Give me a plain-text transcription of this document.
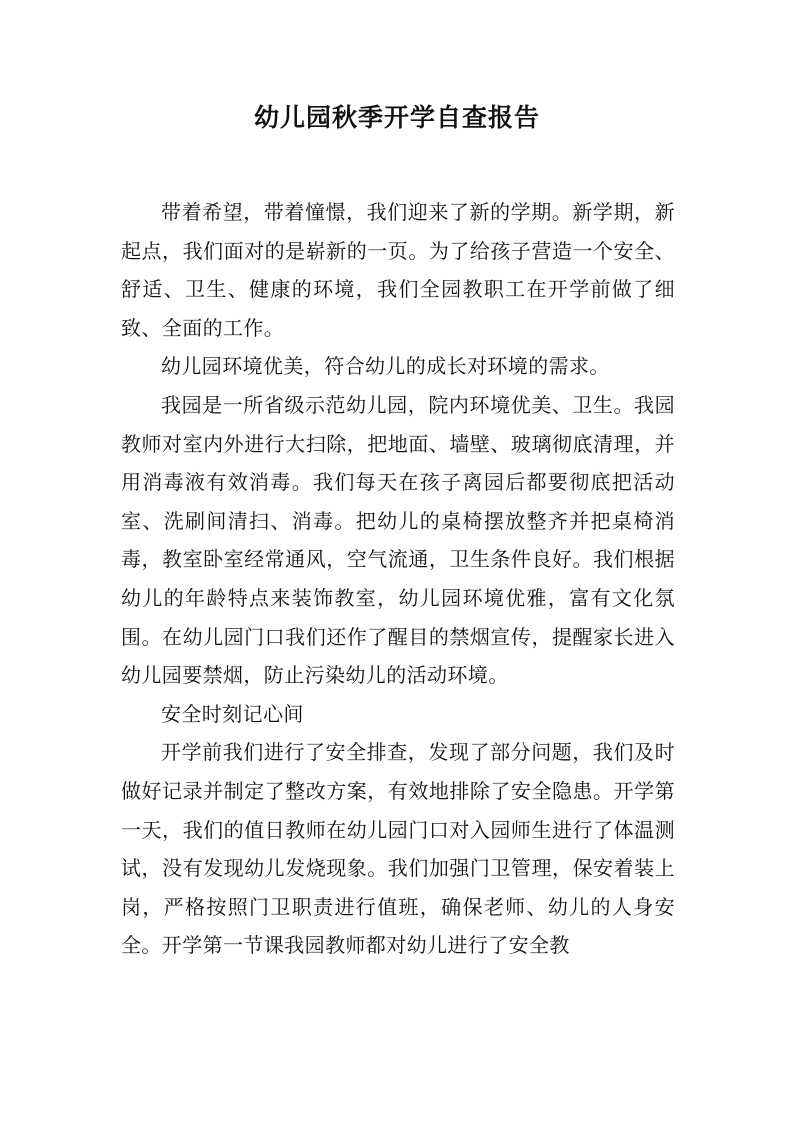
幼儿园秋季开学自查报告

带着希望，带着憧憬，我们迎来了新的学期。新学期，新起点，我们面对的是崭新的一页。为了给孩子营造一个安全、舒适、卫生、健康的环境，我们全园教职工在开学前做了细致、全面的工作。

幼儿园环境优美，符合幼儿的成长对环境的需求。

我园是一所省级示范幼儿园，院内环境优美、卫生。我园教师对室内外进行大扫除，把地面、墙壁、玻璃彻底清理，并用消毒液有效消毒。我们每天在孩子离园后都要彻底把活动室、洗刷间清扫、消毒。把幼儿的桌椅摆放整齐并把桌椅消毒，教室卧室经常通风，空气流通，卫生条件良好。我们根据幼儿的年龄特点来装饰教室，幼儿园环境优雅，富有文化氛围。在幼儿园门口我们还作了醒目的禁烟宣传，提醒家长进入幼儿园要禁烟，防止污染幼儿的活动环境。

安全时刻记心间

开学前我们进行了安全排查，发现了部分问题，我们及时做好记录并制定了整改方案，有效地排除了安全隐患。开学第一天，我们的值日教师在幼儿园门口对入园师生进行了体温测试，没有发现幼儿发烧现象。我们加强门卫管理，保安着装上岗，严格按照门卫职责进行值班，确保老师、幼儿的人身安全。开学第一节课我园教师都对幼儿进行了安全教
